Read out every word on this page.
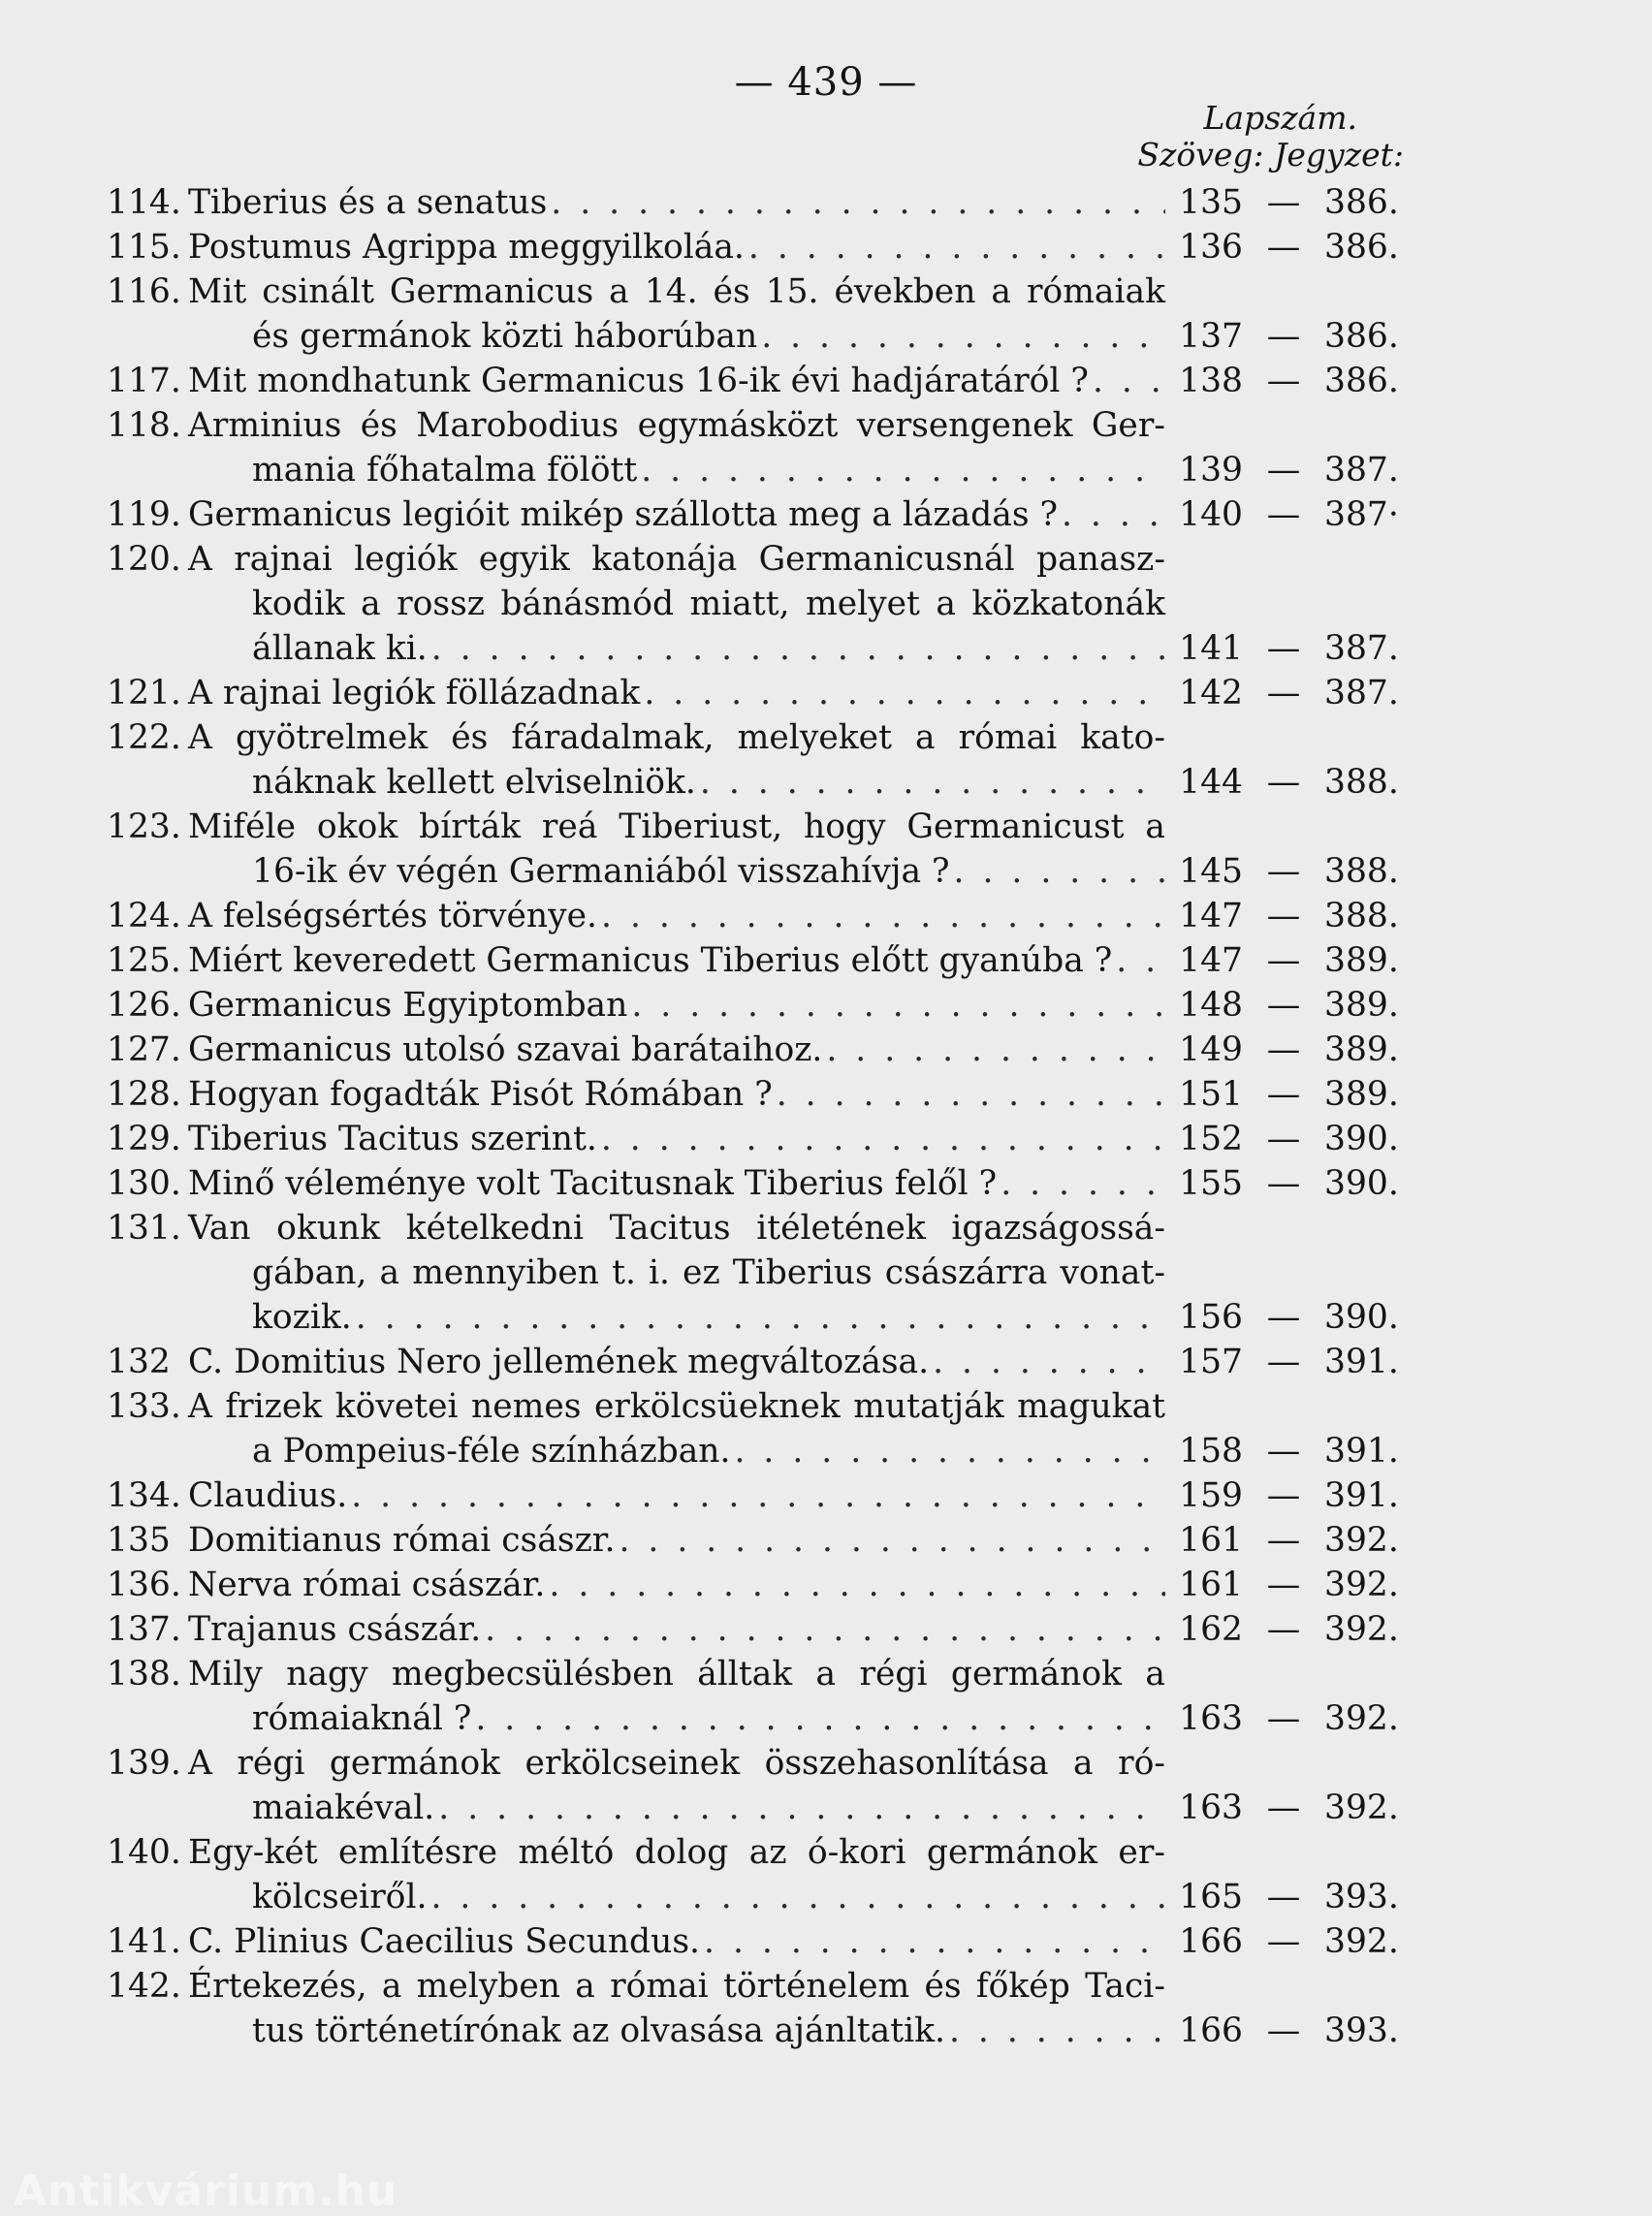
— 439 —
Lapszám.
Szöveg: Jegyzet:
114. Tiberius és a senatus . . .	135 — 386.
115. Postumus Agrippa meggyilkoláa. . . .	136 — 386.
116. Mit csinált Germanicus a 14. és 15. években a rómaiak
és germánok közti háborúban . . .	137 — 386.
117. Mit mondhatunk Germanicus 16-ik évi hadjáratáról ? . . .	138 — 386.
118. Arminius és Marobodius egymásközt versengenek Ger-
mania főhatalma fölött . . .	139 — 387.
119. Germanicus legióit mikép szállotta meg a lázadás ? . . .	140 — 387·
120. A rajnai legiók egyik katonája Germanicusnál panasz-
kodik a rossz bánásmód miatt, melyet a közkatonák
állanak ki. . . .	141 — 387.
121. A rajnai legiók föllázadnak . . .	142 — 387.
122. A gyötrelmek és fáradalmak, melyeket a római kato-
náknak kellett elviselniök. . . .	144 — 388.
123. Miféle okok bírták reá Tiberiust, hogy Germanicust a
16-ik év végén Germaniából visszahívja ? . . .	145 — 388.
124. A felségsértés törvénye. . . .	147 — 388.
125. Miért keveredett Germanicus Tiberius előtt gyanúba ? . . .	147 — 389.
126. Germanicus Egyiptomban . . .	148 — 389.
127. Germanicus utolsó szavai barátaihoz. . . .	149 — 389.
128. Hogyan fogadták Pisót Rómában ? . . .	151 — 389.
129. Tiberius Tacitus szerint. . . .	152 — 390.
130. Minő véleménye volt Tacitusnak Tiberius felől ? . . .	155 — 390.
131. Van okunk kételkedni Tacitus itéletének igazságossá-
gában, a mennyiben t. i. ez Tiberius császárra vonat-
kozik. . . .	156 — 390.
132 C. Domitius Nero jellemének megváltozása. . . .	157 — 391.
133. A frizek követei nemes erkölcsüeknek mutatják magukat
a Pompeius-féle színházban. . . .	158 — 391.
134. Claudius. . . .	159 — 391.
135 Domitianus római császr. . . .	161 — 392.
136. Nerva római császár. . . .	161 — 392.
137. Trajanus császár. . . .	162 — 392.
138. Mily nagy megbecsülésben álltak a régi germánok a
rómaiaknál ? . . .	163 — 392.
139. A régi germánok erkölcseinek összehasonlítása a ró-
maiakéval. . . .	163 — 392.
140. Egy-két említésre méltó dolog az ó-kori germánok er-
kölcseiről. . . .	165 — 393.
141. C. Plinius Caecilius Secundus. . . .	166 — 392.
142. Értekezés, a melyben a római történelem és főkép Taci-
tus történetírónak az olvasása ajánltatik. . . .	166 — 393.
Antikvárium.hu
